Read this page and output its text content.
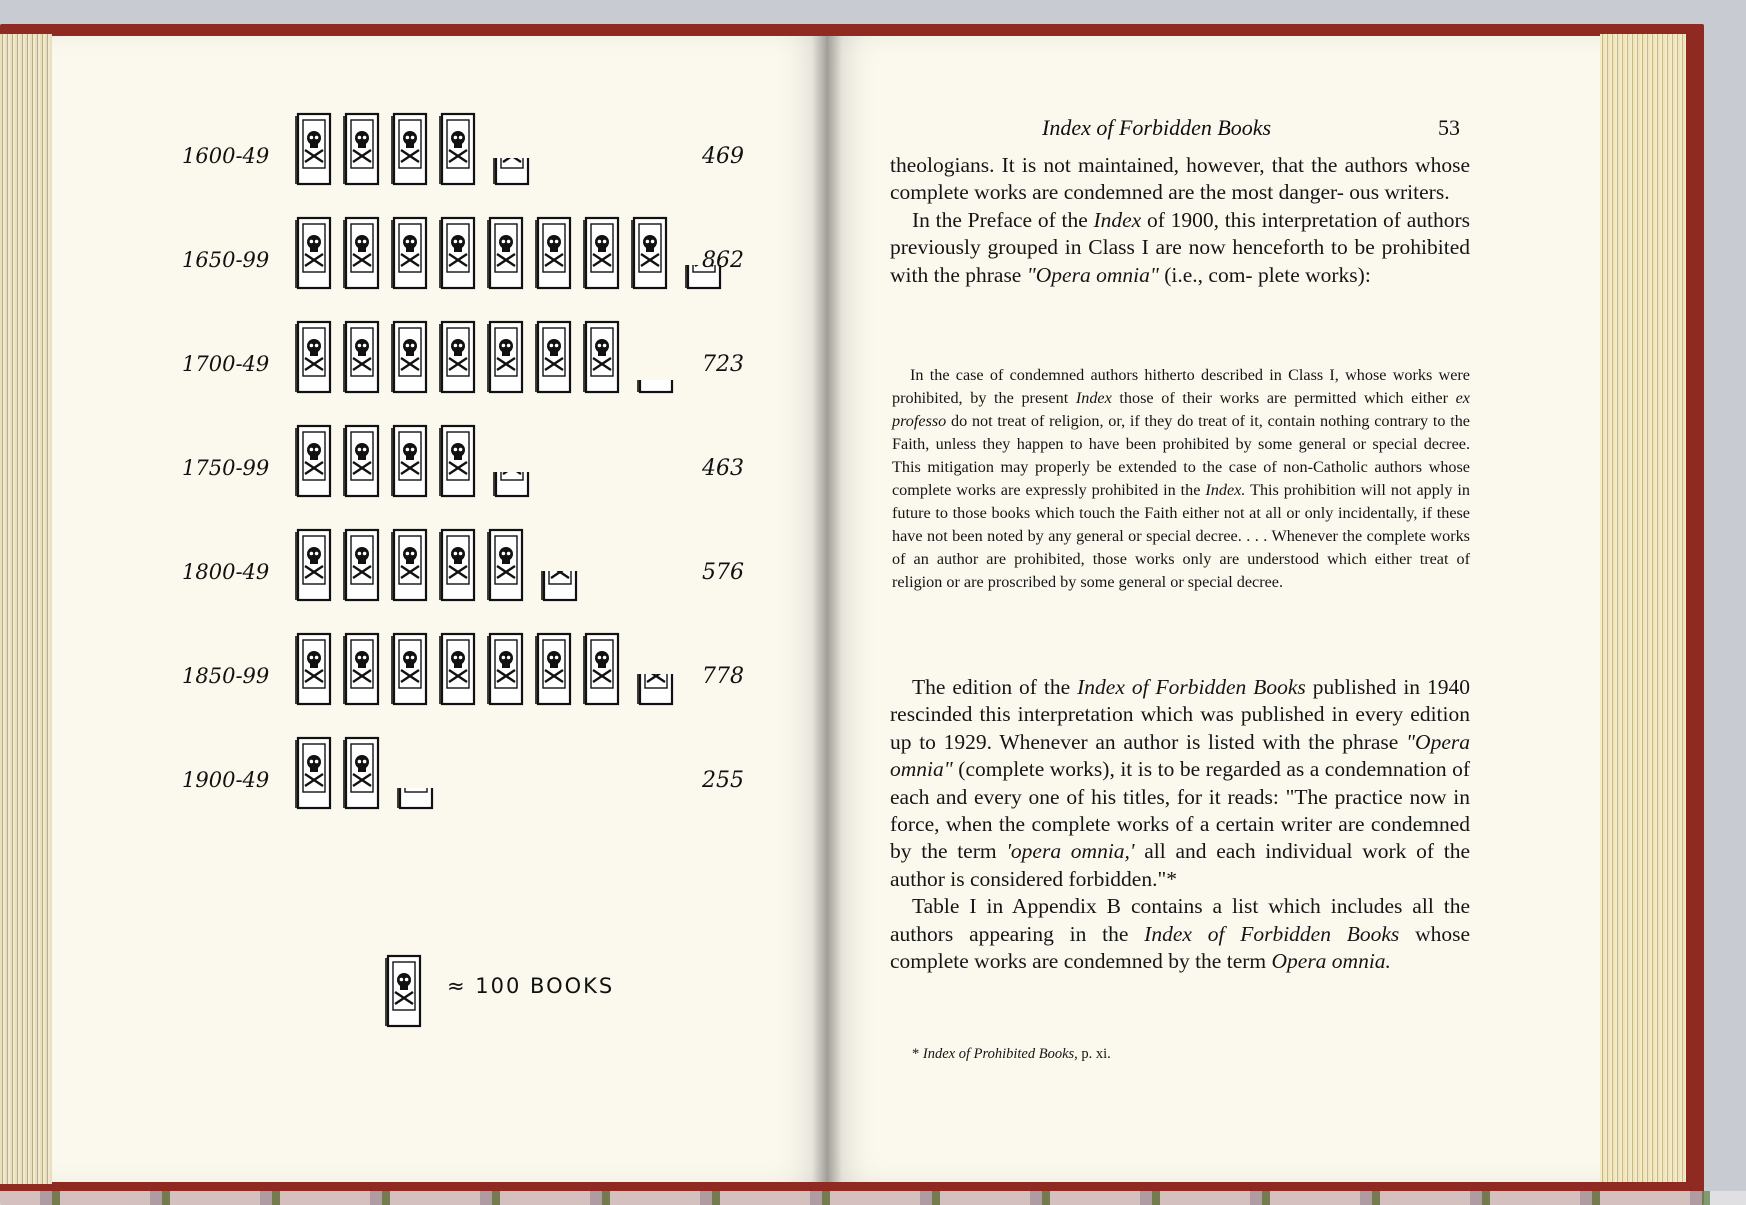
1600-49	469
1650-99	862
1700-49	723
1750-99	463
1800-49	576
1850-99	778
1900-49	255
≈ 100 BOOKS
Index of Forbidden Books	53

theologians. It is not maintained, however, that the authors whose complete works are condemned are the most danger- ous writers.

In the Preface of the Index of 1900, this interpretation of authors previously grouped in Class I are now henceforth to be prohibited with the phrase "Opera omnia" (i.e., com- plete works):

In the case of condemned authors hitherto described in Class I, whose works were prohibited, by the present Index those of their works are permitted which either ex professo do not treat of religion, or, if they do treat of it, contain nothing contrary to the Faith, unless they happen to have been prohibited by some general or special decree. This mitigation may properly be extended to the case of non-Catholic authors whose complete works are expressly prohibited in the Index. This prohibition will not apply in future to those books which touch the Faith either not at all or only incidentally, if these have not been noted by any general or special decree. . . . Whenever the complete works of an author are prohibited, those works only are understood which either treat of religion or are proscribed by some general or special decree.

The edition of the Index of Forbidden Books published in 1940 rescinded this interpretation which was published in every edition up to 1929. Whenever an author is listed with the phrase "Opera omnia" (complete works), it is to be regarded as a condemnation of each and every one of his titles, for it reads: "The practice now in force, when the complete works of a certain writer are condemned by the term 'opera omnia,' all and each individual work of the author is considered forbidden."*

Table I in Appendix B contains a list which includes all the authors appearing in the Index of Forbidden Books whose complete works are condemned by the term Opera omnia.

* Index of Prohibited Books, p. xi.
